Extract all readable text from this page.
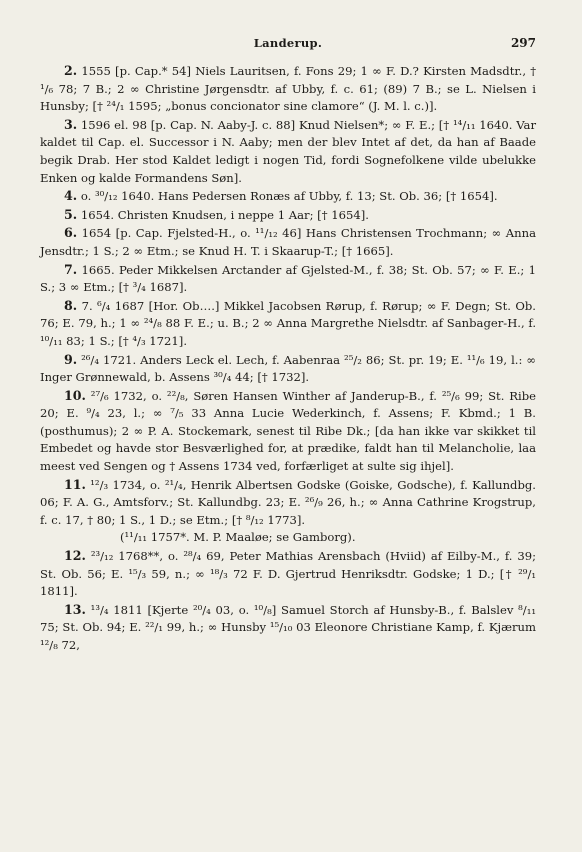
Landerup.	297

2. 1555 [p. Cap.* 54] Niels Lauritsen, f. Fons 29; 1 ∞ F. D.? Kirsten Madsdtr., † ¹/₆ 78; 7 B.; 2 ∞ Christine Jørgensdtr. af Ubby, f. c. 61; (89) 7 B.; se L. Nielsen i Hunsby; [† ²⁴/₁ 1595; „bonus concionator sine clamore“ (J. M. l. c.)].

3. 1596 el. 98 [p. Cap. N. Aaby-J. c. 88] Knud Nielsen*; ∞ F. E.; [† ¹⁴/₁₁ 1640. Var kaldet til Cap. el. Successor i N. Aaby; men der blev Intet af det, da han af Baade begik Drab. Her stod Kaldet ledigt i nogen Tid, fordi Sognefolkene vilde ubelukke Enken og kalde Formandens Søn].

4. o. ³⁰/₁₂ 1640. Hans Pedersen Ronæs af Ubby, f. 13; St. Ob. 36; [† 1654].

5. 1654. Christen Knudsen, i neppe 1 Aar; [† 1654].

6. 1654 [p. Cap. Fjelsted-H., o. ¹¹/₁₂ 46] Hans Christensen Trochmann; ∞ Anna Jensdtr.; 1 S.; 2 ∞ Etm.; se Knud H. T. i Skaarup-T.; [† 1665].

7. 1665. Peder Mikkelsen Arctander af Gjelsted-M., f. 38; St. Ob. 57; ∞ F. E.; 1 S.; 3 ∞ Etm.; [† ³/₄ 1687].

8. 7. ⁶/₄ 1687 [Hor. Ob….] Mikkel Jacobsen Rørup, f. Rørup; ∞ F. Degn; St. Ob. 76; E. 79, h.; 1 ∞ ²⁴/₈ 88 F. E.; u. B.; 2 ∞ Anna Margrethe Nielsdtr. af Sanbager-H., f. ¹⁰/₁₁ 83; 1 S.; [† ⁴/₃ 1721].

9. ²⁶/₄ 1721. Anders Leck el. Lech, f. Aabenraa ²⁵/₂ 86; St. pr. 19; E. ¹¹/₆ 19, l.: ∞ Inger Grønnewald, b. Assens ³⁰/₄ 44; [† 1732].

10. ²⁷/₆ 1732, o. ²²/₈, Søren Hansen Winther af Janderup-B., f. ²⁵/₆ 99; St. Ribe 20; E. ⁹/₄ 23, l.; ∞ ⁷/₅ 33 Anna Lucie Wederkinch, f. Assens; F. Kbmd.; 1 B. (posthumus); 2 ∞ P. A. Stockemark, senest til Ribe Dk.; [da han ikke var skikket til Embedet og havde stor Besværlighed for, at prædike, faldt han til Melancholie, laa meest ved Sengen og † Assens 1734 ved, forfærliget at sulte sig ihjel].

11. ¹²/₃ 1734, o. ²¹/₄, Henrik Albertsen Godske (Goiske, Godsche), f. Kallundbg. 06; F. A. G., Amtsforv.; St. Kallundbg. 23; E. ²⁶/₉ 26, h.; ∞ Anna Cathrine Krogstrup, f. c. 17, † 80; 1 S., 1 D.; se Etm.; [† ⁸/₁₂ 1773].

(¹¹/₁₁ 1757*. M. P. Maaløe; se Gamborg).

12. ²³/₁₂ 1768**, o. ²⁸/₄ 69, Peter Mathias Arensbach (Hviid) af Eilby-M., f. 39; St. Ob. 56; E. ¹⁵/₃ 59, n.; ∞ ¹⁸/₃ 72 F. D. Gjertrud Henriksdtr. Godske; 1 D.; [† ²⁹/₁ 1811].

13. ¹³/₄ 1811 [Kjerte ²⁰/₄ 03, o. ¹⁰/₈] Samuel Storch af Hunsby-B., f. Balslev ⁸/₁₁ 75; St. Ob. 94; E. ²²/₁ 99, h.; ∞ Hunsby ¹⁵/₁₀ 03 Eleonore Christiane Kamp, f. Kjærum ¹²/₈ 72,
